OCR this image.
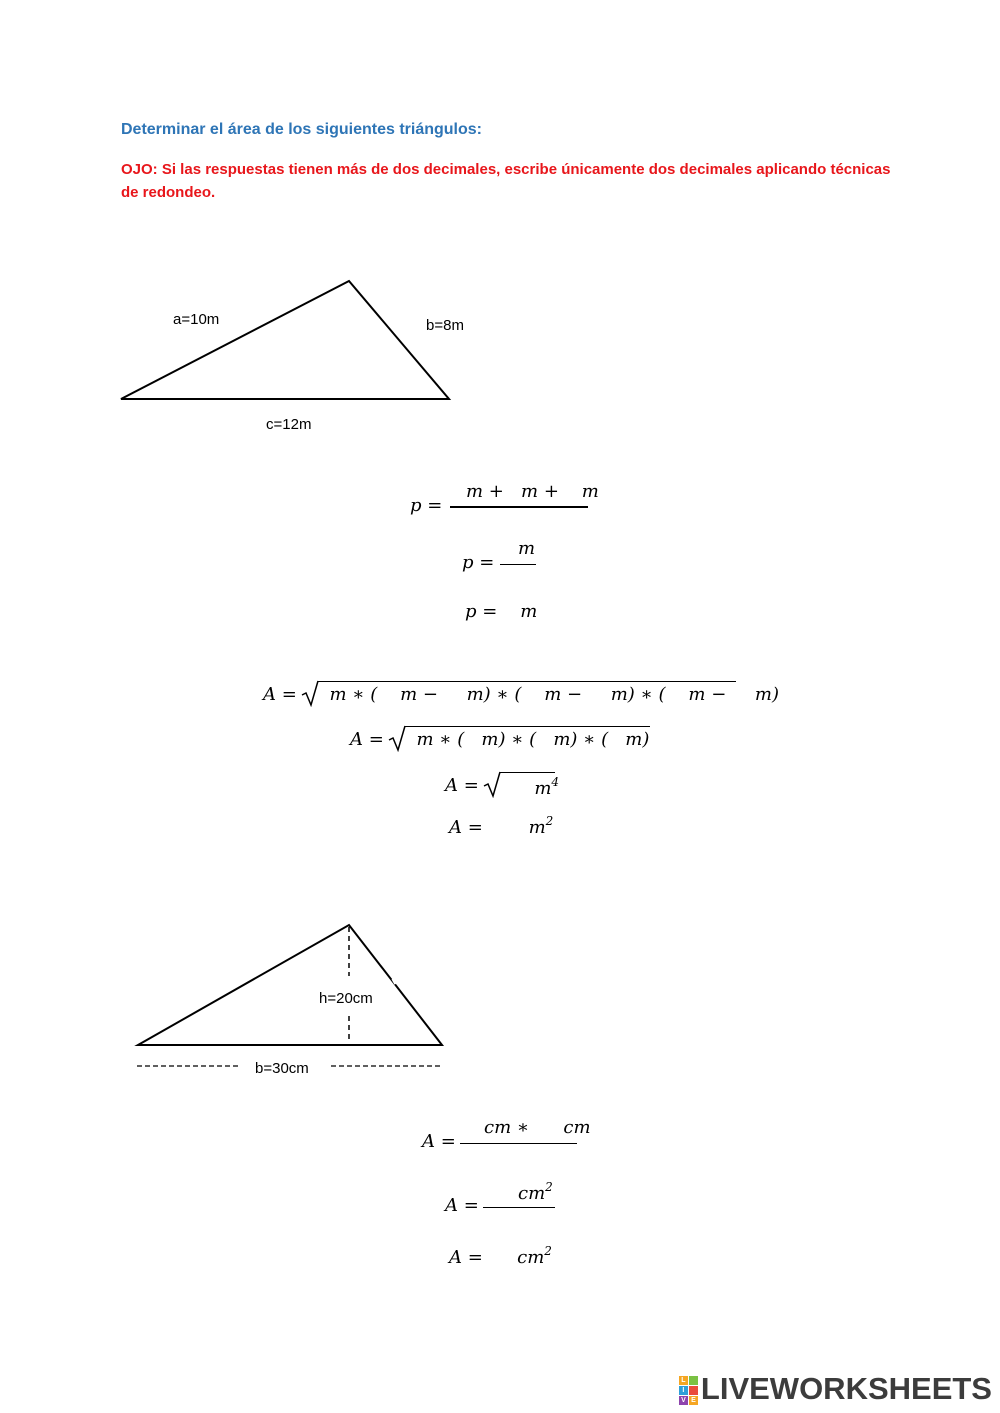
Determinar el área de los siguientes triángulos:
OJO: Si las respuestas tienen más de dos decimales, escribe únicamente dos decimales aplicando técnicas de redondeo.
a=10m	b=8m
c=12m
p =
m +   m +    m
p =
m
p =    m
A = m ∗ (    m −     m) ∗ (    m −     m) ∗ (    m −     m)
A = m ∗ (   m) ∗ (   m) ∗ (   m)
$A = m^4$
A =        $m^2$
h=20cm
b=30cm
A =
cm ∗      cm
A =
$cm^2$
A =      $cm^2$
L
I
V E LIVEWORKSHEETS
